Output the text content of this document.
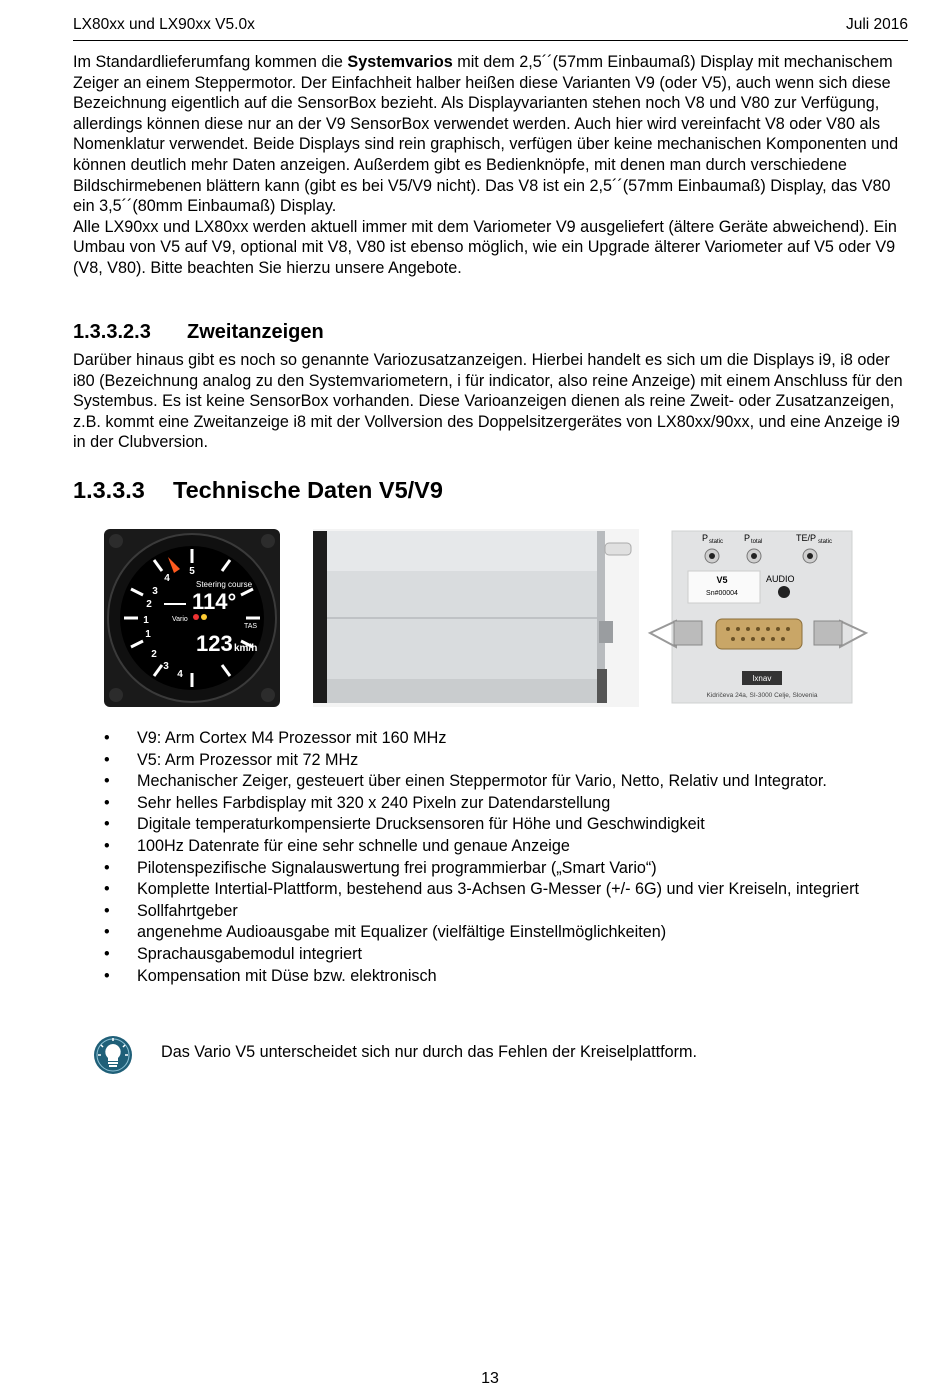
LX80xx und LX90xx V5.0x	Juli 2016
Im Standardlieferumfang kommen die Systemvarios mit dem 2,5´´(57mm Einbaumaß) Display mit mechanischem Zeiger an einem Steppermotor. Der Einfachheit halber heißen diese Varianten V9 (oder V5), auch wenn sich diese Bezeichnung eigentlich auf die SensorBox bezieht. Als Displayvarianten stehen noch V8 und V80 zur Verfügung, allerdings können diese nur an der V9 SensorBox verwendet werden. Auch hier wird vereinfacht V8 oder V80 als Nomenklatur verwendet. Beide Displays sind rein graphisch, verfügen über keine mechanischen Komponenten und können deutlich mehr Daten anzeigen. Außerdem gibt es Bedienknöpfe, mit denen man durch verschiedene Bildschirmebenen blättern kann (gibt es bei V5/V9 nicht). Das V8 ist ein 2,5´´(57mm Einbaumaß) Display, das V80 ein 3,5´´(80mm Einbaumaß) Display.
Alle LX90xx und LX80xx werden aktuell immer mit dem Variometer V9 ausgeliefert (ältere Geräte abweichend). Ein Umbau von V5 auf V9, optional mit V8, V80 ist ebenso möglich, wie ein Upgrade älterer Variometer auf V5 oder V9 (V8, V80). Bitte beachten Sie hierzu unsere Angebote.
1.3.3.2.3 Zweitanzeigen
Darüber hinaus gibt es noch so genannte Variozusatzanzeigen. Hierbei handelt es sich um die Displays i9, i8 oder i80 (Bezeichnung analog zu den Systemvariometern, i für indicator, also reine Anzeige) mit einem Anschluss für den Systembus. Es ist keine SensorBox vorhanden. Diese Varioanzeigen dienen als reine Zweit- oder Zusatzanzeigen, z.B. kommt eine Zweitanzeige i8 mit der Vollversion des Doppelsitzergerätes von LX80xx/90xx, und eine Anzeige i9 in der Clubversion.
1.3.3.3 Technische Daten V5/V9
5
4
3
2
1
1
2
3
4
Steering course
114°
Vario
TAS
123 km/h
P static P total	TE/P static
V5
Sn#00004
AUDIO
lxnav
Kidričeva 24a, SI-3000 Celje, Slovenia
• V9: Arm Cortex M4 Prozessor mit 160 MHz
• V5: Arm Prozessor mit 72 MHz
• Mechanischer Zeiger, gesteuert über einen Steppermotor für Vario, Netto, Relativ und Integrator.
• Sehr helles Farbdisplay mit 320 x 240 Pixeln zur Datendarstellung
• Digitale temperaturkompensierte Drucksensoren für Höhe und Geschwindigkeit
• 100Hz Datenrate für eine sehr schnelle und genaue Anzeige
• Pilotenspezifische Signalauswertung frei programmierbar („Smart Vario“)
• Komplette Intertial-Plattform, bestehend aus 3-Achsen G-Messer (+/- 6G) und vier Kreiseln, integriert
• Sollfahrtgeber
• angenehme Audioausgabe mit Equalizer (vielfältige Einstellmöglichkeiten)
• Sprachausgabemodul integriert
• Kompensation mit Düse bzw. elektronisch
Das Vario V5 unterscheidet sich nur durch das Fehlen der Kreiselplattform.
13
